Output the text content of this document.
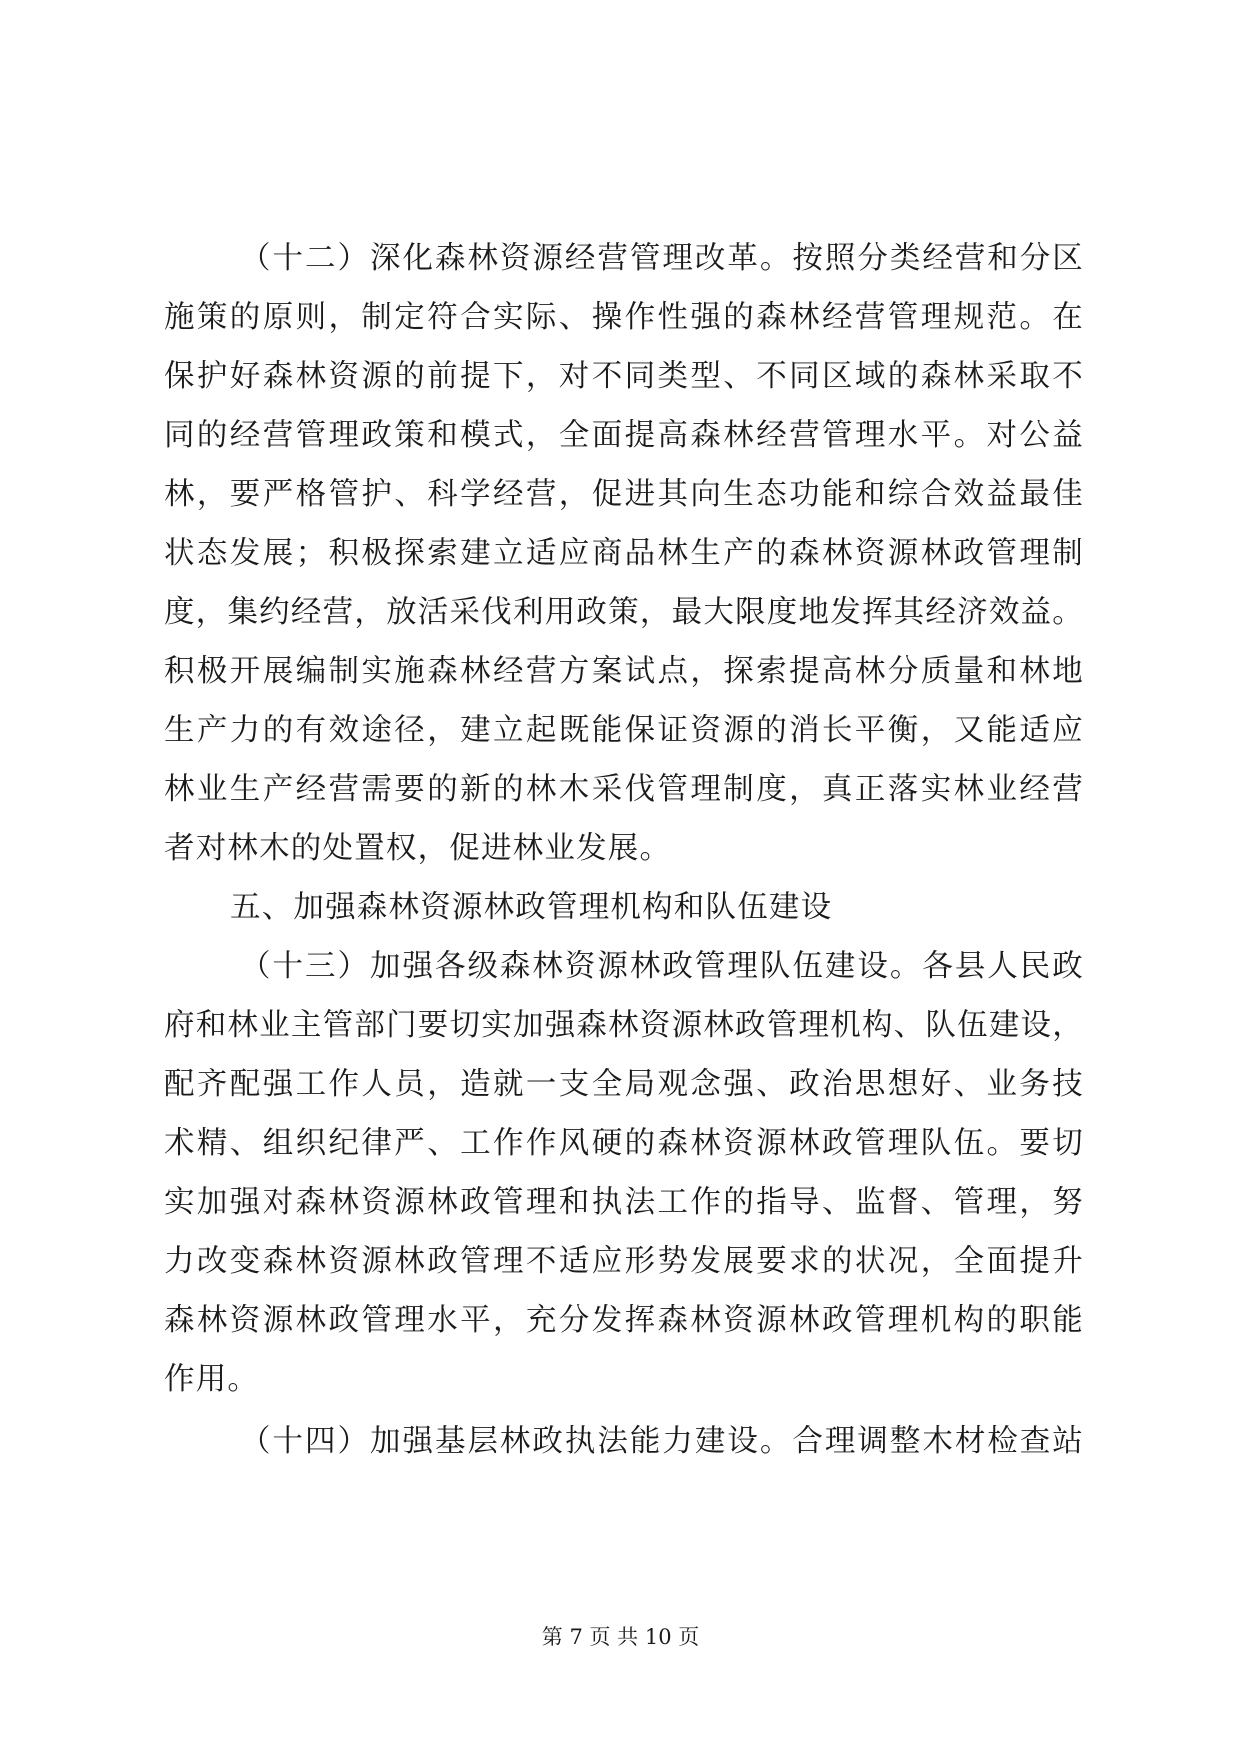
（十二）深化森林资源经营管理改革。按照分类经营和分区
施策的原则，制定符合实际、操作性强的森林经营管理规范。在
保护好森林资源的前提下，对不同类型、不同区域的森林采取不
同的经营管理政策和模式，全面提高森林经营管理水平。对公益
林，要严格管护、科学经营，促进其向生态功能和综合效益最佳
状态发展；积极探索建立适应商品林生产的森林资源林政管理制
度，集约经营，放活采伐利用政策，最大限度地发挥其经济效益。
积极开展编制实施森林经营方案试点，探索提高林分质量和林地
生产力的有效途径，建立起既能保证资源的消长平衡，又能适应
林业生产经营需要的新的林木采伐管理制度，真正落实林业经营
者对林木的处置权，促进林业发展。
五、加强森林资源林政管理机构和队伍建设
（十三）加强各级森林资源林政管理队伍建设。各县人民政
府和林业主管部门要切实加强森林资源林政管理机构、队伍建设，
配齐配强工作人员，造就一支全局观念强、政治思想好、业务技
术精、组织纪律严、工作作风硬的森林资源林政管理队伍。要切
实加强对森林资源林政管理和执法工作的指导、监督、管理，努
力改变森林资源林政管理不适应形势发展要求的状况，全面提升
森林资源林政管理水平，充分发挥森林资源林政管理机构的职能
作用。
（十四）加强基层林政执法能力建设。合理调整木材检查站
第 7 页 共 10 页
